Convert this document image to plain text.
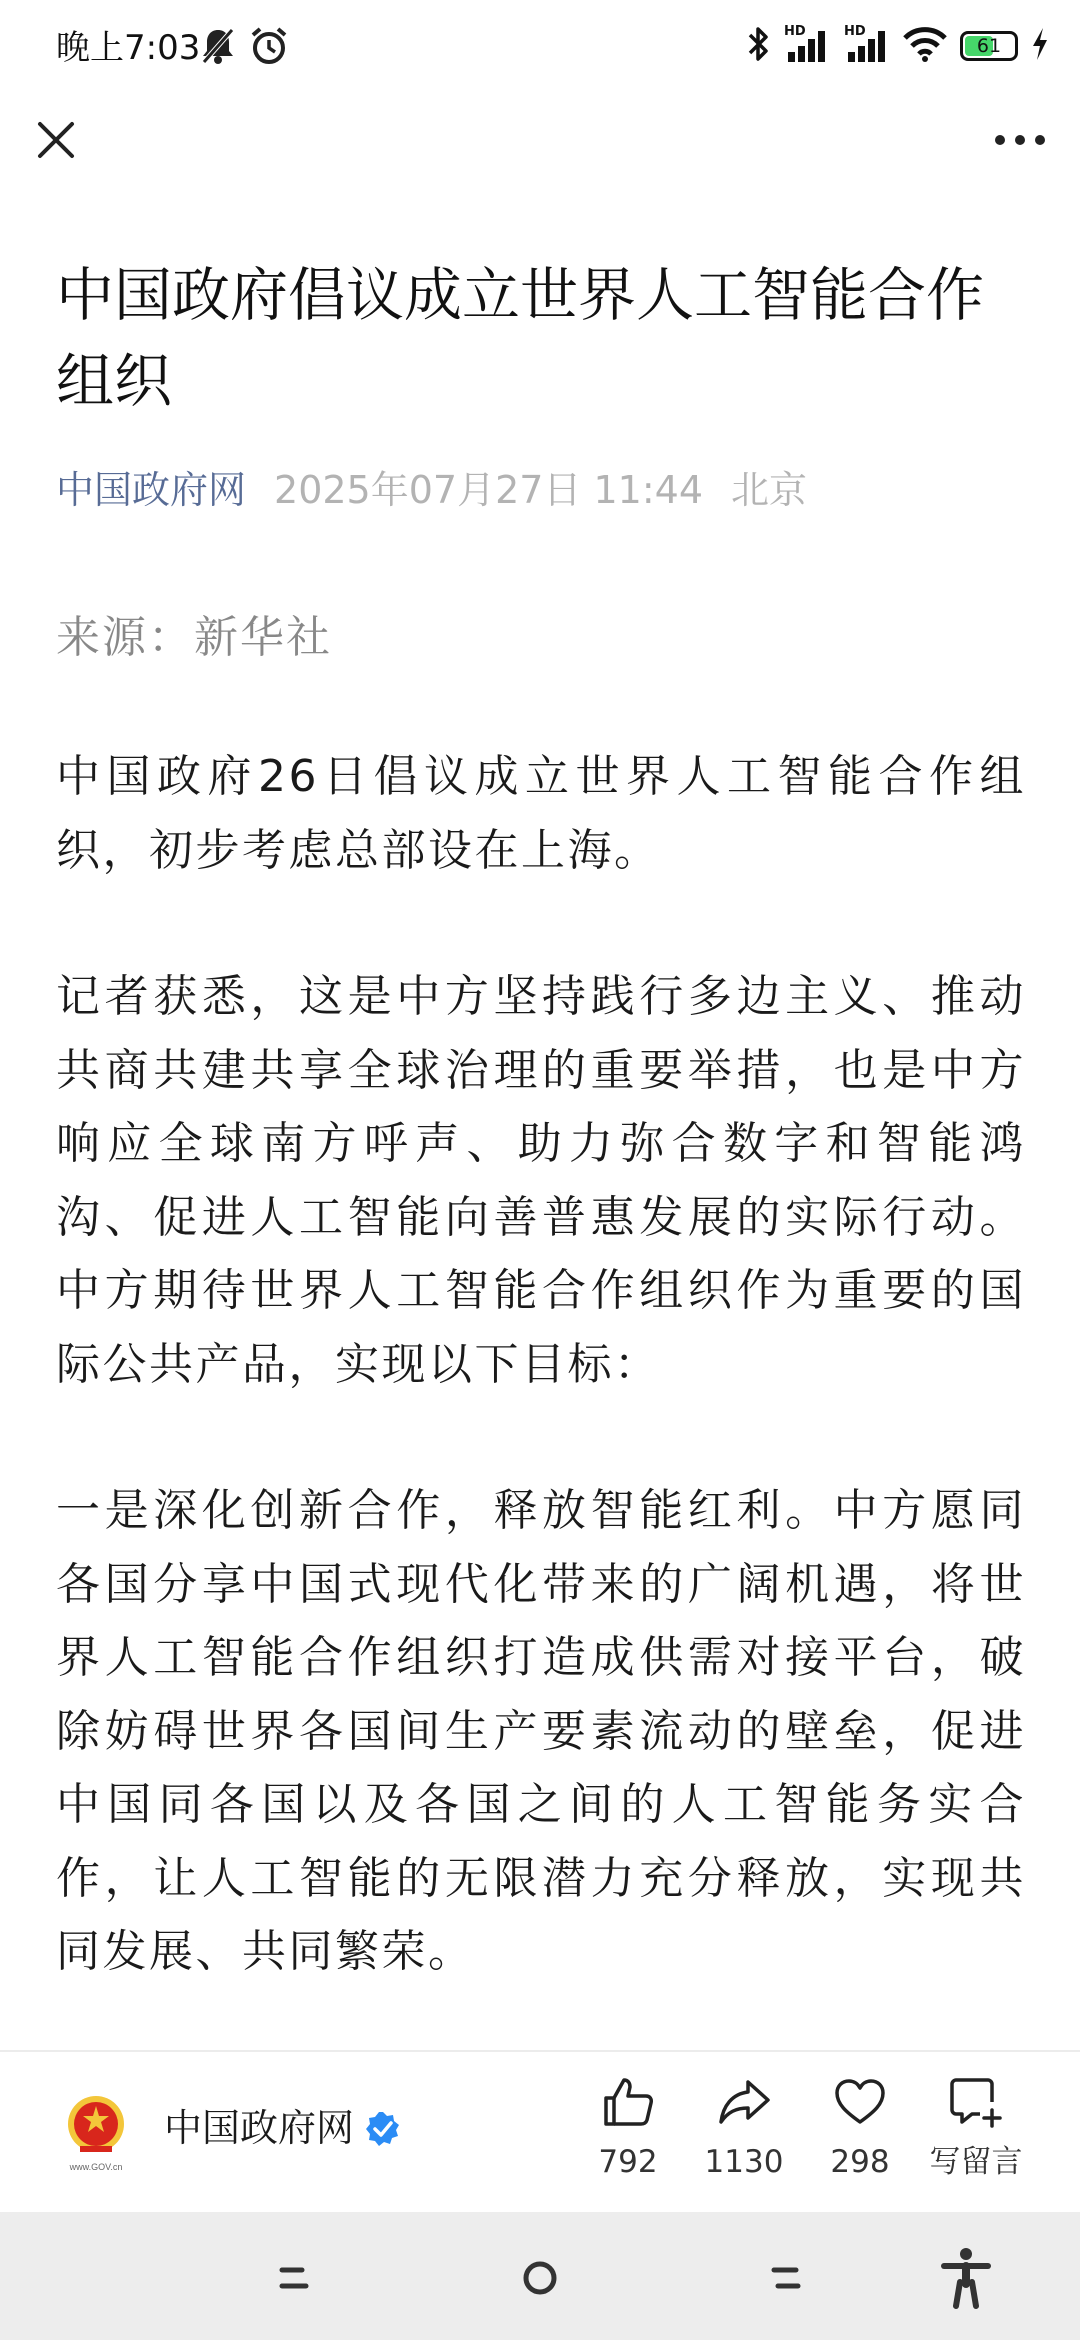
晚上7:03	HD	HD
61
中国政府倡议成立世界人工智能合作组织
中国政府网 2025年07月27日 11:44 北京
来源：新华社

中国政府26日倡议成立世界人工智能合作组织，初步考虑总部设在上海。

记者获悉，这是中方坚持践行多边主义、推动共商共建共享全球治理的重要举措，也是中方响应全球南方呼声、助力弥合数字和智能鸿沟、促进人工智能向善普惠发展的实际行动。中方期待世界人工智能合作组织作为重要的国际公共产品，实现以下目标：

一是深化创新合作，释放智能红利。中方愿同各国分享中国式现代化带来的广阔机遇，将世界人工智能合作组织打造成供需对接平台，破除妨碍世界各国间生产要素流动的壁垒，促进中国同各国以及各国之间的人工智能务实合作，让人工智能的无限潜力充分释放，实现共同发展、共同繁荣。

www.GOV.cn
中国政府网
792	1130	298	写留言
